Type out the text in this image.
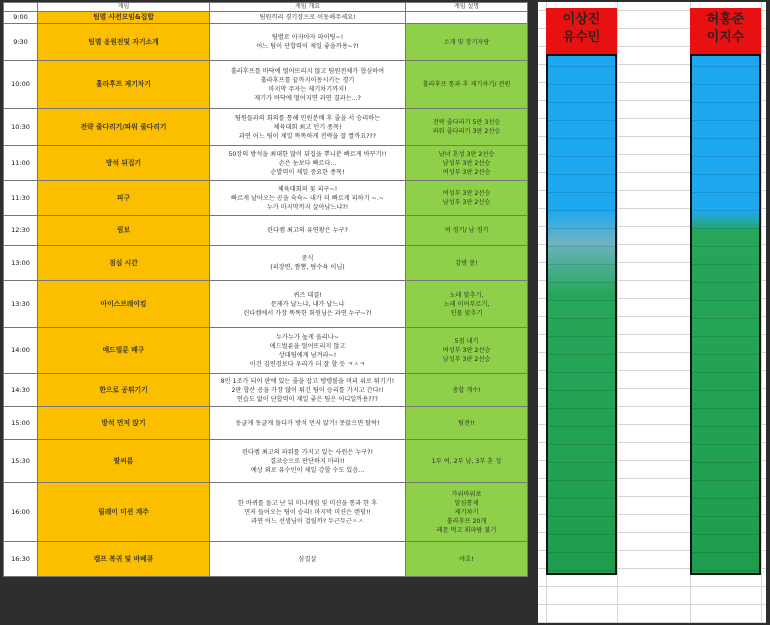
	게임	게임 개요	게임 설명
9:00	팀별 사전모임&집합	팀원끼리 경기장으로 이동해주세요!	
9:30	팀별 응원전및 자기소개	팀별로 아자아자 파이팅~!
어느 팀이 단합력이 제일 좋을까용~?!	소개 및 장기자랑
10:00	훌라후프 제기차기	훌라후프를 바닥에 떨어뜨리지 않고 팀원전체가 협심하여
훌라후프를 끝까지이동시키는 경기
마지막 주자는 제기차기까지!
제기가 바닥에 떨어지면 과연 결과는...?	훌라후프 통과 후 제기차기/ 전원
10:30	전략 줄다리기/파워 줄다리기	팀원들과의 회의를 통해 인원분배 후 줄을 서 승리하는
체육대회 최고 인기 종목!
과연 어느 팀이 제일 똑똑하게 전략을 잘 짤까요???	전략 줄다리기 5판 3선승
파워 줄다리기 3판 2선승
11:00	방석 뒤집기	50장의 방석을 최대한 많이 뒤집을 뿌니분 빠르게 바꾸기!!
손은 눈보다 빠르다...
순발력이 제일 중요한 종목!	남녀 혼성 3판 2선승
남성부 3판 2선승
여성부 3판 2선승
11:30	피구	체육대회의 꽃 피구~!
빠르게 날아오는 공을 슉슉~ 내가 더 빠르게 피하기 ~.~
누가 마지막까지 살아남느냐?!	여성부 3판 2선승
남성부 3판 2선승
12:30	림보	린다켐 최고의 유연왕은 누구?	여 경기/ 남 경기
13:00	점심 시간	중식
(피장면, 짬뽕, 탕수육 이님)	감방 봉!
13:30	아이스브레이킹	퀴즈 대결!
문제가 날느냐, 내가 날느냐
린다켐에서 가장 똑똑한 회원님은 과연 누구~?!	노래 맞추기,
노래 이어부르기,
인물 맞추기
14:00	애드벌룬 배구	누가누가 높게 올리나~
애드벌룬을 떨어뜨리지 않고
상대팀에게 넘겨라~!
이건 김연경보다 우리가 더 잘 할 듯 ㅋㅅㅋ	5점 내기
여성부 3판 2선승
남성부 3판 2선승
14:30	한으로 공튀기기	8인 1조가 되어 판에 있는 줄을 잡고 탱탱볼을 머리 위로 튀기기!
2판 합산 공을 가장 많이 튀긴 팀이 승리를 가지고 간다!!
연습도 없이 단합력이 제일 좋은 팀은 어디일까용???	총합 개수!
15:00	방석 먼저 앉기	동글게 동글게 돌다가 방석 먼저 앉기! 못앉으면 탈락!	팀전!!
15:30	팔씨름	린다켐 최고의 파워를 가지고 있는 사원은 누구?!
결코승으로 판단하지 마라!!
예상 외로 유수민이 제일 강할 수도 있음...	1부 여, 2부 남, 3부 혼 성
16:00	릴레이 미션 계주	한 바퀴를 돌고 난 뒤 미니게임 및 미션을 통과 한 후
먼저 들어오는 팀이 승리! 마지막 미션은 랜덤!!
과연 어느 선생님이 걸릴까? 두근두근ㅅㅅ	가위바위보
알심통제
제기차기
훌라후프 20개
레몬 먹고 휘파람 불기
16:30	캠프 복귀 및 바베큐	삼겹살	야호!
이상진
유수민
허홍준
이지수
